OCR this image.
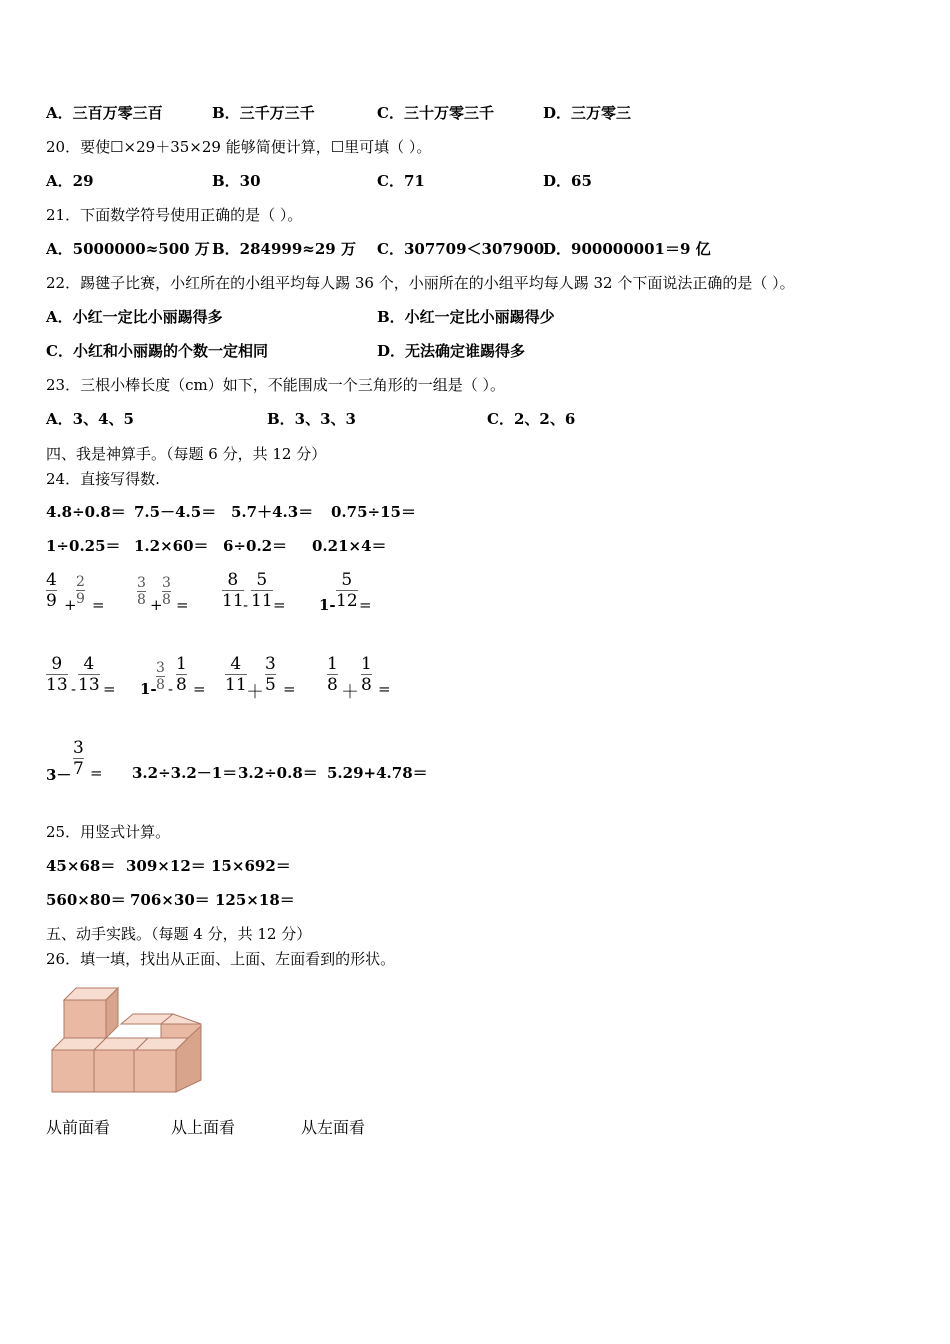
A．三百万零三百	B．三千万三千	C．三十万零三千	D．三万零三
20．要使☐×29＋35×29 能够简便计算，☐里可填（ ）。
A．29	B．30	C．71	D．65
21．下面数学符号使用正确的是（ ）。
A．5000000≈500 万 B．284999≈29 万 C．307709＜307900
D．900000001＝9 亿
22．踢毽子比赛，小红所在的小组平均每人踢 36 个，小丽所在的小组平均每人踢 32 个下面说法正确的是（ ）。
A．小红一定比小丽踢得多	B．小红一定比小丽踢得少
C．小红和小丽踢的个数一定相同	D．无法确定谁踢得多
23．三根小棒长度（cm）如下，不能围成一个三角形的一组是（ ）。
A．3、4、5	B．3、3、3	C．2、2、6
四、我是神算手。（每题 6 分，共 12 分）
24．直接写得数.
4.8÷0.8＝ 7.5－4.5＝ 5.7＋4.3＝ 0.75÷15＝
1÷0.25＝ 1.2×60＝ 6÷0.2＝ 0.21×4＝
$\frac{4}{9} + \frac{2}{9} = \frac{3}{8} + \frac{3}{8} = \frac{8}{11} - \frac{5}{11} = 1- \frac{5}{12}$ =
$\frac{9}{13} - \frac{4}{13} = 1- \frac{3}{8} - \frac{1}{8} = \frac{4}{11} + \frac{3}{5} = \frac{1}{8} + \frac{1}{8}$ =
$3- \frac{3}{7} = 3.2\div 3.2-1= 3.2\div 0.8= 5.29+4.78=$
25．用竖式计算。
45×68＝ 309×12＝ 15×692＝
560×80＝ 706×30＝ 125×18＝
五、动手实践。（每题 4 分，共 12 分）
26．填一填，找出从正面、上面、左面看到的形状。
从前面看	从上面看	从左面看
